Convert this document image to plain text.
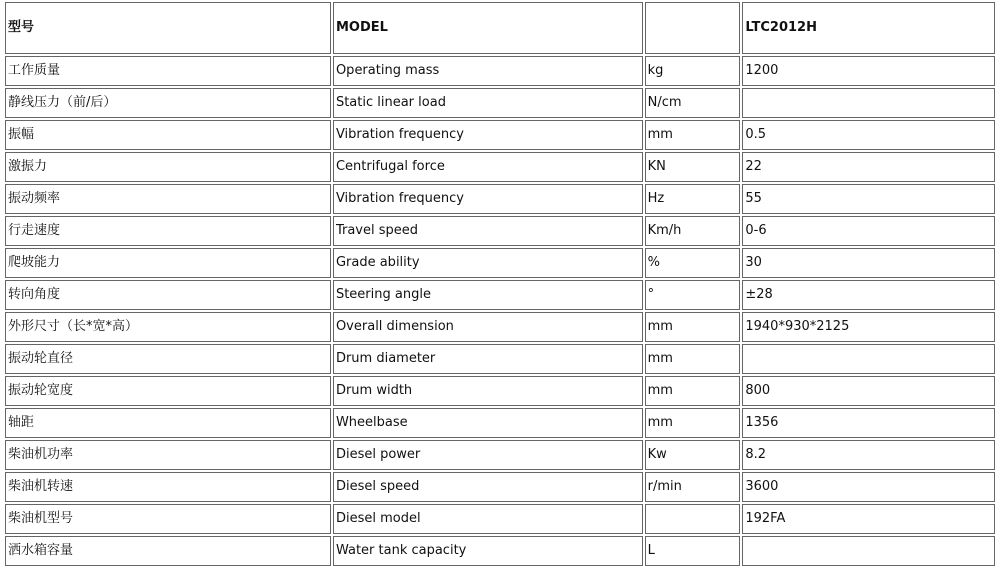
型号	MODEL		LTC2012H
工作质量	Operating mass	kg	1200
静线压力（前/后）	Static linear load	N/cm	
振幅	Vibration frequency	mm	0.5
激振力	Centrifugal force	KN	22
振动频率	Vibration frequency	Hz	55
行走速度	Travel speed	Km/h	0-6
爬坡能力	Grade ability	%	30
转向角度	Steering angle	°	±28
外形尺寸（长*宽*高）	Overall dimension	mm	1940*930*2125
振动轮直径	Drum diameter	mm	
振动轮宽度	Drum width	mm	800
轴距	Wheelbase	mm	1356
柴油机功率	Diesel power	Kw	8.2
柴油机转速	Diesel speed	r/min	3600
柴油机型号	Diesel model		192FA
洒水箱容量	Water tank capacity	L	
